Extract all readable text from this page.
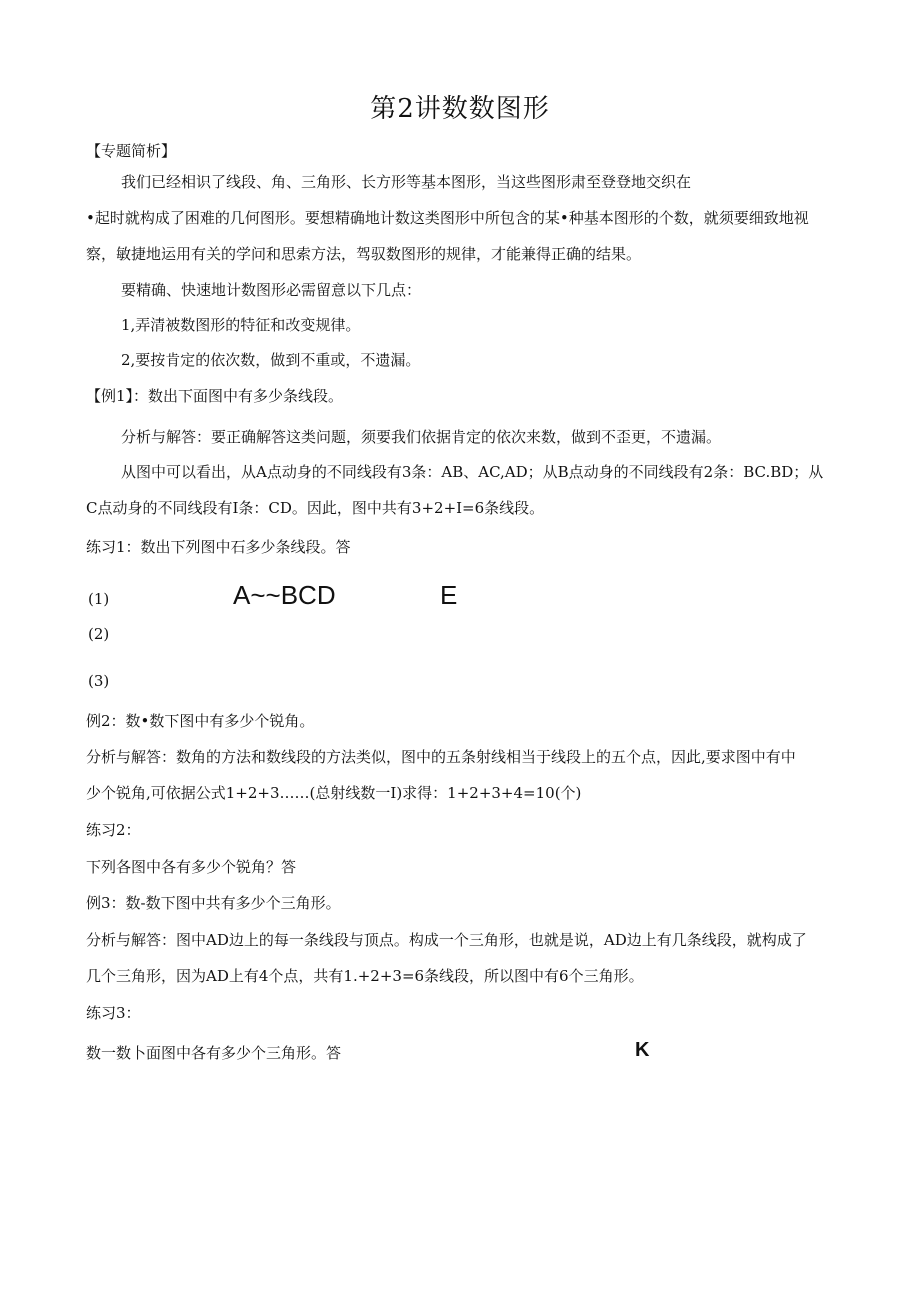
第2讲数数图形
【专题简析】
我们已经相识了线段、角、三角形、长方形等基本图形，当这些图形肃至登登地交织在
•起时就构成了困难的几何图形。要想精确地计数这类图形中所包含的某•种基本图形的个数，就须要细致地视
察，敏捷地运用有关的学问和思索方法，驾驭数图形的规律，才能兼得正确的结果。
要精确、快速地计数图形必需留意以下几点：
1,弄清被数图形的特征和改变规律。
2,要按肯定的依次数，做到不重或，不遗漏。
【例1】：数出下面图中有多少条线段。
分析与解答：要正确解答这类问题，须要我们依据肯定的依次来数，做到不歪更，不遗漏。
从图中可以看出，从A点动身的不同线段有3条：AB、AC,AD；从B点动身的不同线段有2条：BC.BD；从
C点动身的不同线段有I条：CD。因此，图中共有3+2+I=6条线段。
练习1：数出下列图中石多少条线段。答
(1)	A~~BCD	E
(2)
(3)
例2：数•数下图中有多少个锐角。
分析与解答：数角的方法和数线段的方法类似，图中的五条射线相当于线段上的五个点，因此,要求图中有中
少个锐角,可依据公式1+2+3……(总射线数一I)求得：1+2+3+4=10(个)
练习2：
下列各图中各有多少个锐角？答
例3：数-数下图中共有多少个三角形。
分析与解答：图中AD边上的每一条线段与顶点。构成一个三角形，也就是说，AD边上有几条线段，就构成了
几个三角形，因为AD上有4个点，共有1.+2+3=6条线段，所以图中有6个三角形。
练习3：
数一数卜面图中各有多少个三角形。答	K
